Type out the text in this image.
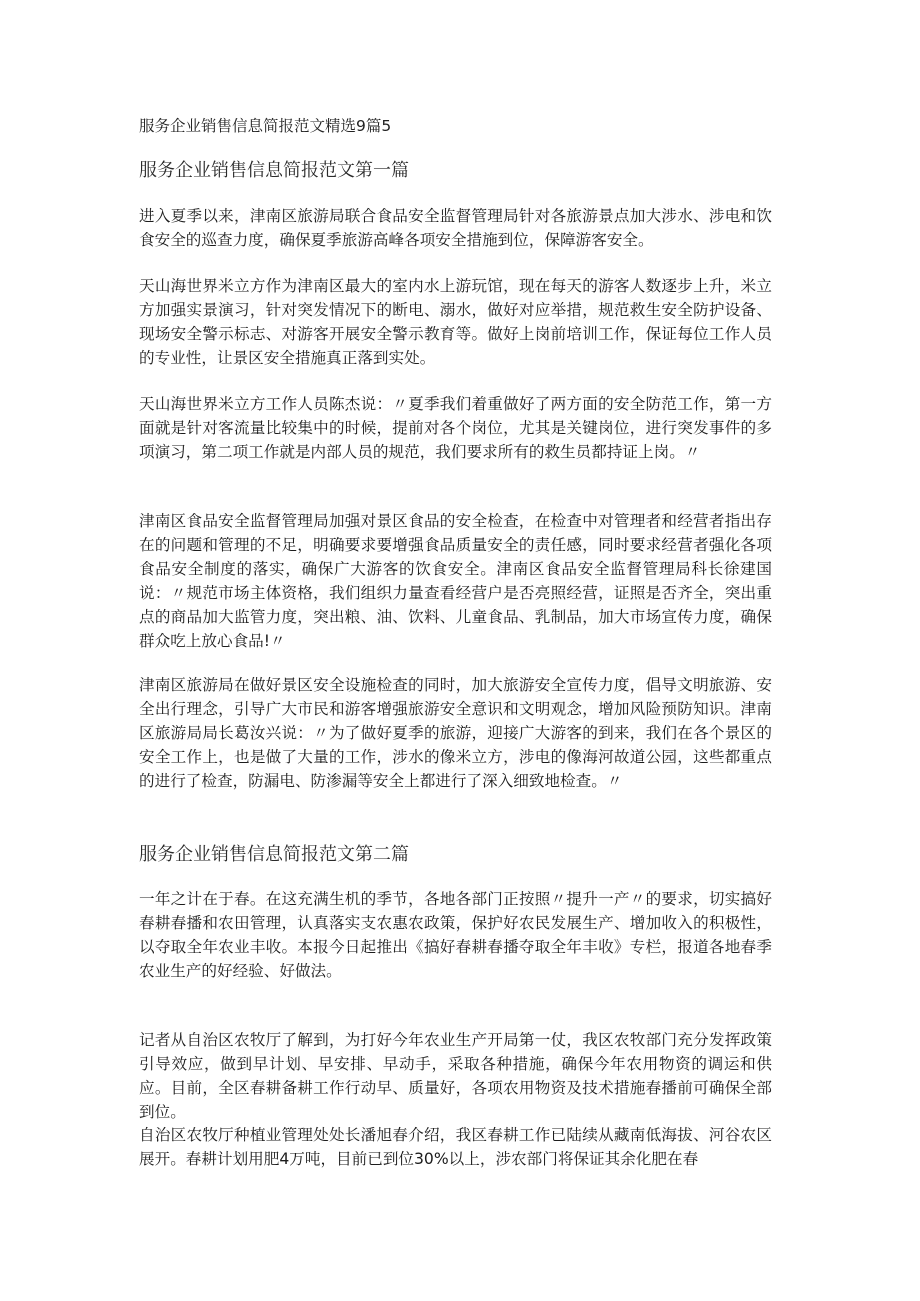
服务企业销售信息简报范文精选9篇5
服务企业销售信息简报范文第一篇

进入夏季以来，津南区旅游局联合食品安全监督管理局针对各旅游景点加大涉水、涉电和饮食安全的巡查力度，确保夏季旅游高峰各项安全措施到位，保障游客安全。

天山海世界米立方作为津南区最大的室内水上游玩馆，现在每天的游客人数逐步上升，米立方加强实景演习，针对突发情况下的断电、溺水，做好对应举措，规范救生安全防护设备、现场安全警示标志、对游客开展安全警示教育等。做好上岗前培训工作，保证每位工作人员的专业性，让景区安全措施真正落到实处。

天山海世界米立方工作人员陈杰说：〃夏季我们着重做好了两方面的安全防范工作，第一方面就是针对客流量比较集中的时候，提前对各个岗位，尤其是关键岗位，进行突发事件的多项演习，第二项工作就是内部人员的规范，我们要求所有的救生员都持证上岗。〃

津南区食品安全监督管理局加强对景区食品的安全检查，在检查中对管理者和经营者指出存在的问题和管理的不足，明确要求要增强食品质量安全的责任感，同时要求经营者强化各项食品安全制度的落实，确保广大游客的饮食安全。津南区食品安全监督管理局科长徐建国说：〃规范市场主体资格，我们组织力量查看经营户是否亮照经营，证照是否齐全，突出重点的商品加大监管力度，突出粮、油、饮料、儿童食品、乳制品，加大市场宣传力度，确保群众吃上放心食品!〃

津南区旅游局在做好景区安全设施检查的同时，加大旅游安全宣传力度，倡导文明旅游、安全出行理念，引导广大市民和游客增强旅游安全意识和文明观念，增加风险预防知识。津南区旅游局局长葛汝兴说：〃为了做好夏季的旅游，迎接广大游客的到来，我们在各个景区的安全工作上，也是做了大量的工作，涉水的像米立方，涉电的像海河故道公园，这些都重点的进行了检查，防漏电、防渗漏等安全上都进行了深入细致地检查。〃

服务企业销售信息简报范文第二篇

一年之计在于春。在这充满生机的季节，各地各部门正按照〃提升一产〃的要求，切实搞好春耕春播和农田管理，认真落实支农惠农政策，保护好农民发展生产、增加收入的积极性，以夺取全年农业丰收。本报今日起推出《搞好春耕春播夺取全年丰收》专栏，报道各地春季农业生产的好经验、好做法。

记者从自治区农牧厅了解到，为打好今年农业生产开局第一仗，我区农牧部门充分发挥政策引导效应，做到早计划、早安排、早动手，采取各种措施，确保今年农用物资的调运和供应。目前，全区春耕备耕工作行动早、质量好，各项农用物资及技术措施春播前可确保全部到位。

自治区农牧厅种植业管理处处长潘旭春介绍，我区春耕工作已陆续从藏南低海拔、河谷农区展开。春耕计划用肥4万吨，目前已到位30%以上，涉农部门将保证其余化肥在春
